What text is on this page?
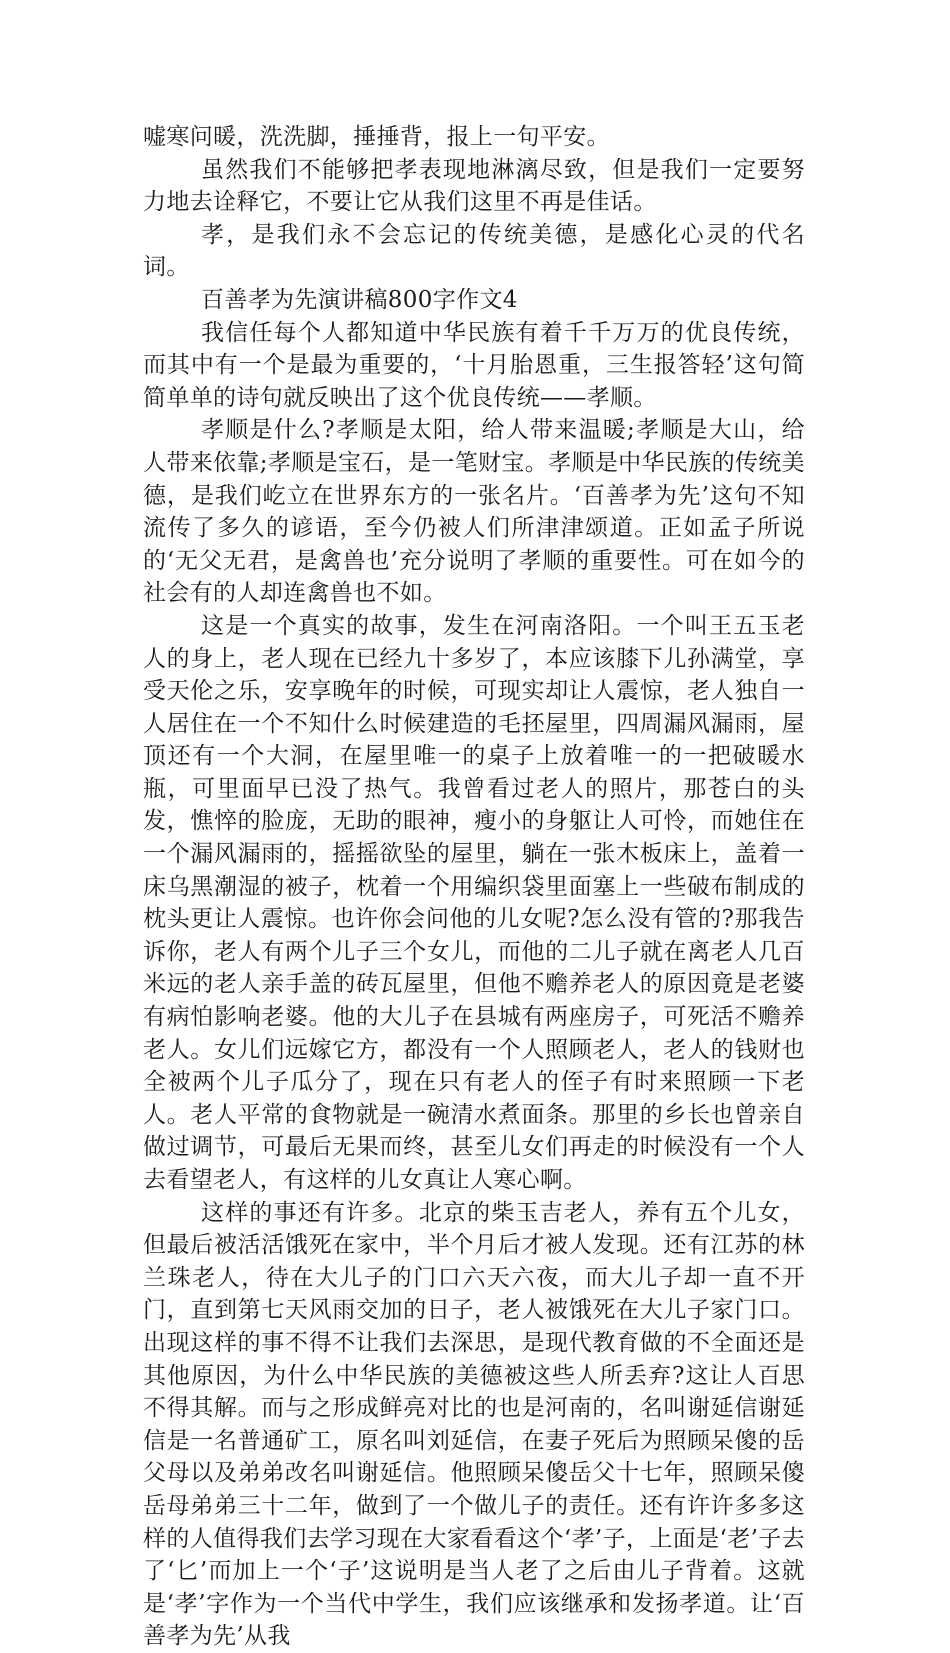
嘘寒问暖，洗洗脚，捶捶背，报上一句平安。

虽然我们不能够把孝表现地淋漓尽致，但是我们一定要努力地去诠释它，不要让它从我们这里不再是佳话。

孝，是我们永不会忘记的传统美德，是感化心灵的代名词。

百善孝为先演讲稿800字作文4

我信任每个人都知道中华民族有着千千万万的优良传统，而其中有一个是最为重要的，‘十月胎恩重，三生报答轻’这句简简单单的诗句就反映出了这个优良传统——孝顺。

孝顺是什么?孝顺是太阳，给人带来温暖;孝顺是大山，给人带来依靠;孝顺是宝石，是一笔财宝。孝顺是中华民族的传统美德，是我们屹立在世界东方的一张名片。‘百善孝为先’这句不知流传了多久的谚语，至今仍被人们所津津颂道。正如孟子所说的‘无父无君，是禽兽也’充分说明了孝顺的重要性。可在如今的社会有的人却连禽兽也不如。

这是一个真实的故事，发生在河南洛阳。一个叫王五玉老人的身上，老人现在已经九十多岁了，本应该膝下儿孙满堂，享受天伦之乐，安享晚年的时候，可现实却让人震惊，老人独自一人居住在一个不知什么时候建造的毛抷屋里，四周漏风漏雨，屋顶还有一个大洞，在屋里唯一的桌子上放着唯一的一把破暖水瓶，可里面早已没了热气。我曾看过老人的照片，那苍白的头发，憔悴的脸庞，无助的眼神，瘦小的身躯让人可怜，而她住在一个漏风漏雨的，摇摇欲坠的屋里，躺在一张木板床上，盖着一床乌黑潮湿的被子，枕着一个用编织袋里面塞上一些破布制成的枕头更让人震惊。也许你会问他的儿女呢?怎么没有管的?那我告诉你，老人有两个儿子三个女儿，而他的二儿子就在离老人几百米远的老人亲手盖的砖瓦屋里，但他不赡养老人的原因竟是老婆有病怕影响老婆。他的大儿子在县城有两座房子，可死活不赡养老人。女儿们远嫁它方，都没有一个人照顾老人，老人的钱财也全被两个儿子瓜分了，现在只有老人的侄子有时来照顾一下老人。老人平常的食物就是一碗清水煮面条。那里的乡长也曾亲自做过调节，可最后无果而终，甚至儿女们再走的时候没有一个人去看望老人，有这样的儿女真让人寒心啊。

这样的事还有许多。北京的柴玉吉老人，养有五个儿女，但最后被活活饿死在家中，半个月后才被人发现。还有江苏的林兰珠老人，待在大儿子的门口六天六夜，而大儿子却一直不开门，直到第七天风雨交加的日子，老人被饿死在大儿子家门口。出现这样的事不得不让我们去深思，是现代教育做的不全面还是其他原因，为什么中华民族的美德被这些人所丢弃?这让人百思不得其解。而与之形成鲜亮对比的也是河南的，名叫谢延信谢延信是一名普通矿工，原名叫刘延信，在妻子死后为照顾呆傻的岳父母以及弟弟改名叫谢延信。他照顾呆傻岳父十七年，照顾呆傻岳母弟弟三十二年，做到了一个做儿子的责任。还有许许多多这样的人值得我们去学习现在大家看看这个‘孝’子，上面是‘老’子去了‘匕’而加上一个‘子’这说明是当人老了之后由儿子背着。这就是‘孝’字作为一个当代中学生，我们应该继承和发扬孝道。让‘百善孝为先’从我
